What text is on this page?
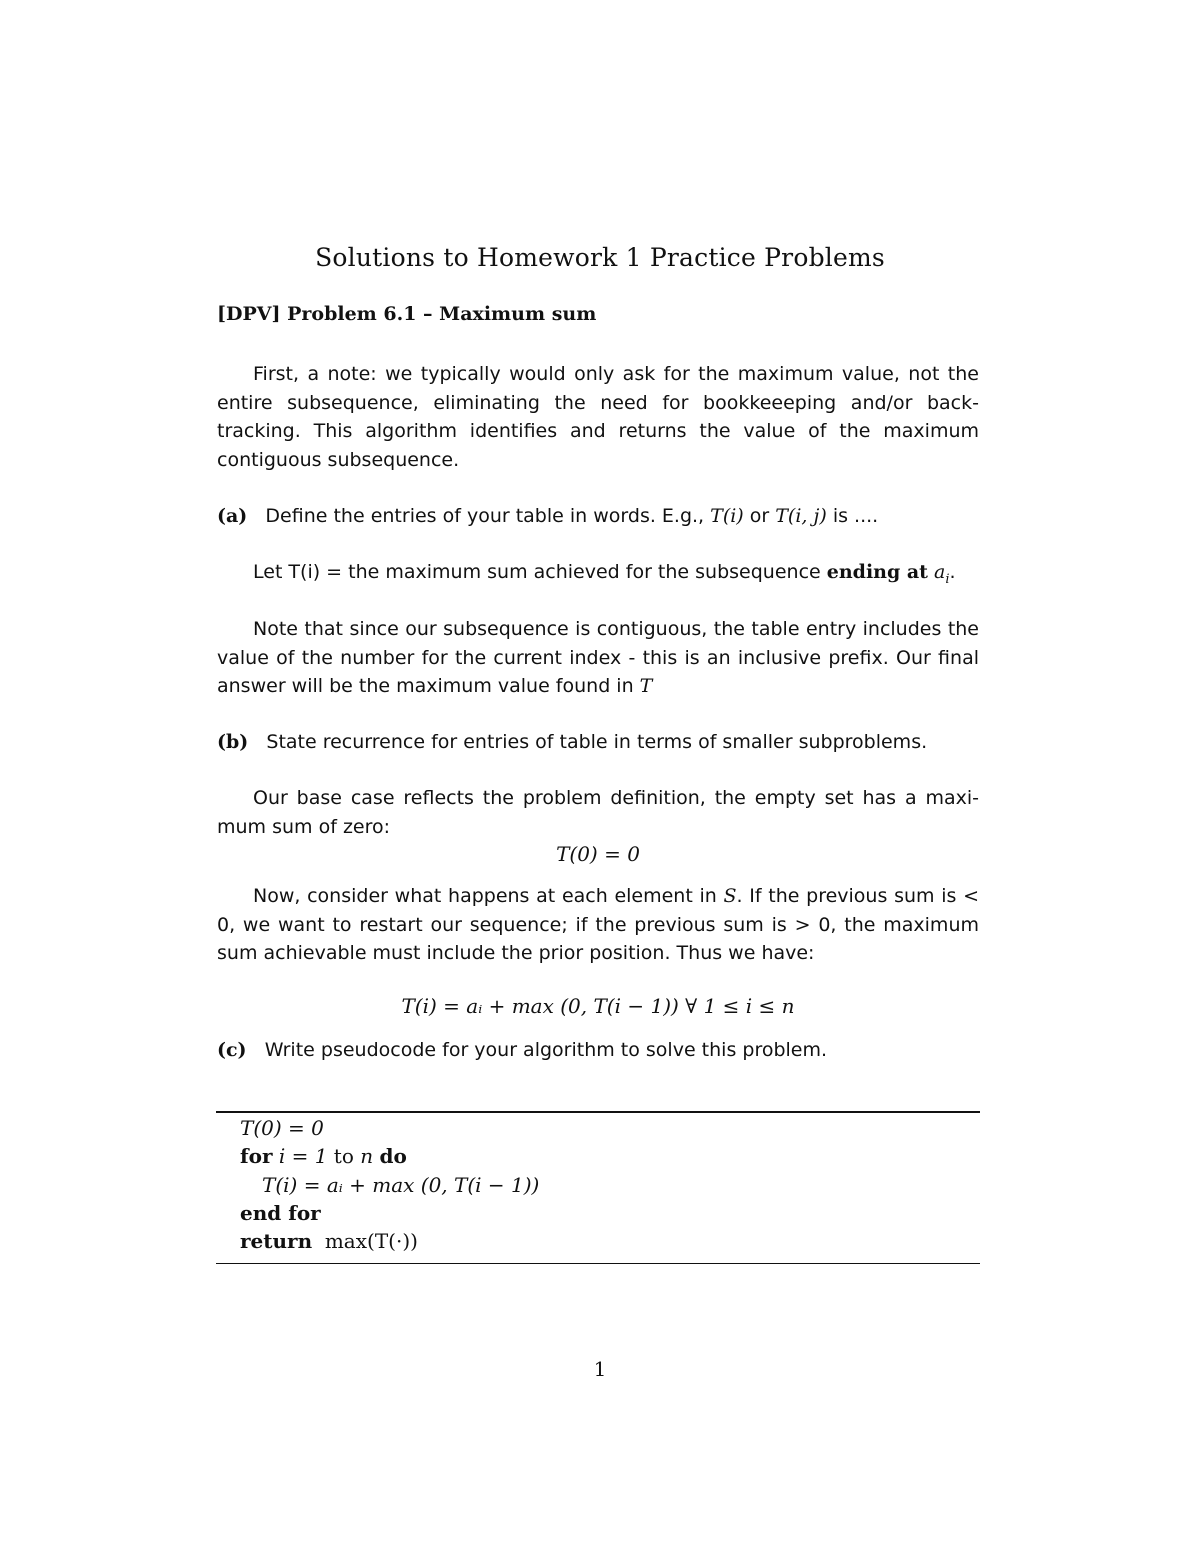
Solutions to Homework 1 Practice Problems
[DPV] Problem 6.1 – Maximum sum
First, a note: we typically would only ask for the maximum value, not the entire subsequence, eliminating the need for bookkeeeping and/or back-tracking. This algorithm identifies and returns the value of the maximum contiguous subsequence.
(a) Define the entries of your table in words. E.g., T(i) or T(i, j) is ....
Let T(i) = the maximum sum achieved for the subsequence ending at $a_i$.
Note that since our subsequence is contiguous, the table entry includes the value of the number for the current index - this is an inclusive prefix. Our final answer will be the maximum value found in T
(b) State recurrence for entries of table in terms of smaller subproblems.
Our base case reflects the problem definition, the empty set has a maxi-mum sum of zero:
T(0) = 0
Now, consider what happens at each element in S. If the previous sum is < 0, we want to restart our sequence; if the previous sum is > 0, the maximum sum achievable must include the prior position. Thus we have:
T(i) = aᵢ + max (0, T(i − 1)) ∀ 1 ≤ i ≤ n
(c) Write pseudocode for your algorithm to solve this problem.
T(0) = 0
for i = 1 to n do
T(i) = aᵢ + max (0, T(i − 1))
end for
return max(T(·))
1
